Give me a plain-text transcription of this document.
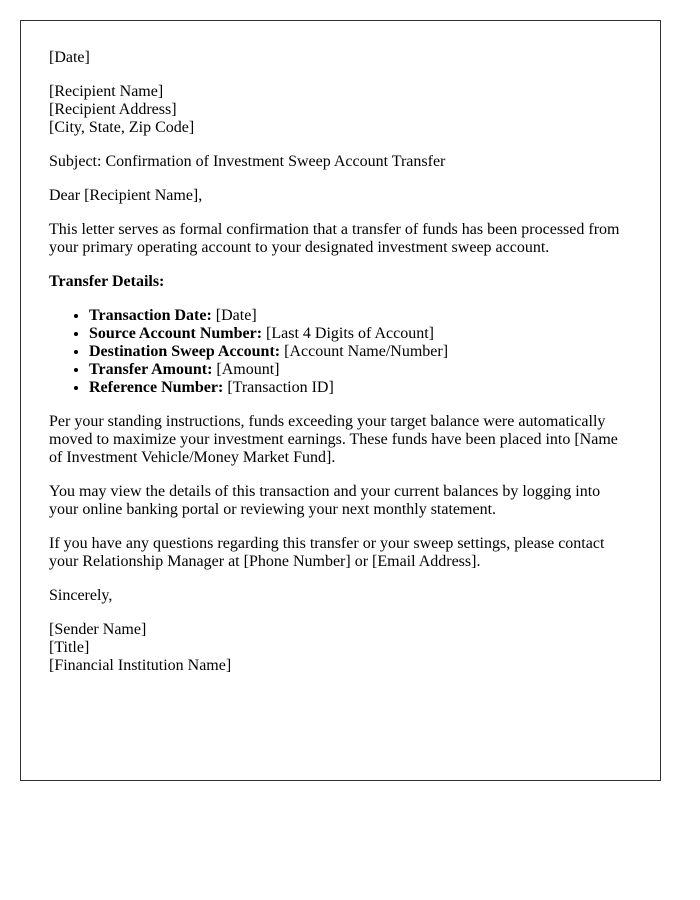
[Date]

[Recipient Name]
[Recipient Address]
[City, State, Zip Code]

Subject: Confirmation of Investment Sweep Account Transfer

Dear [Recipient Name],

This letter serves as formal confirmation that a transfer of funds has been processed from your primary operating account to your designated investment sweep account.

Transfer Details:

• Transaction Date: [Date]
• Source Account Number: [Last 4 Digits of Account]
• Destination Sweep Account: [Account Name/Number]
• Transfer Amount: [Amount]
• Reference Number: [Transaction ID]

Per your standing instructions, funds exceeding your target balance were automatically moved to maximize your investment earnings. These funds have been placed into [Name of Investment Vehicle/Money Market Fund].

You may view the details of this transaction and your current balances by logging into your online banking portal or reviewing your next monthly statement.

If you have any questions regarding this transfer or your sweep settings, please contact your Relationship Manager at [Phone Number] or [Email Address].

Sincerely,

[Sender Name]
[Title]
[Financial Institution Name]
